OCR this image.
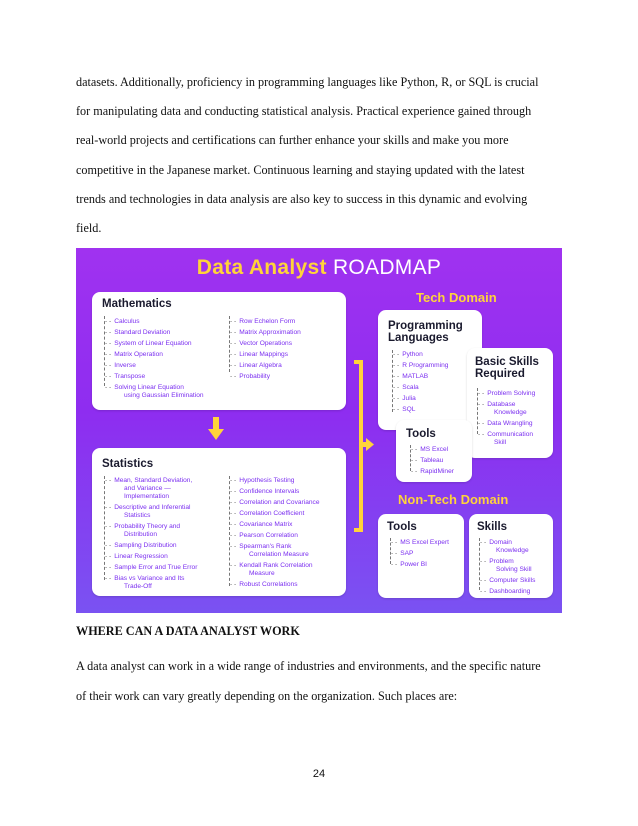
datasets. Additionally, proficiency in programming languages like Python, R, or SQL is crucial
for manipulating data and conducting statistical analysis. Practical experience gained through
real-world projects and certifications can further enhance your skills and make you more
competitive in the Japanese market. Continuous learning and staying updated with the latest
trends and technologies in data analysis are also key to success in this dynamic and evolving
field.
Data Analyst ROADMAP
Mathematics
- - Calculus
- - Standard Deviation
- - System of Linear Equation
- - Matrix Operation
- - Inverse
- - Transpose
- - Solving Linear Equation
using Gaussian Elimination
- - Row Echelon Form
- - Matrix Approximation
- - Vector Operations
- - Linear Mappings
- - Linear Algebra
- - Probability
Statistics
- - Mean, Standard Deviation,
and Variance —
Implementation
- - Descriptive and Inferential
Statistics
- - Probability Theory and
Distribution
- - Sampling Distribution
- - Linear Regression
- - Sample Error and True Error
- - Bias vs Variance and Its
Trade-Off
- - Hypothesis Testing
- - Confidence Intervals
- - Correlation and Covariance
- - Correlation Coefficient
- - Covariance Matrix
- - Pearson Correlation
- - Spearman's Rank
Correlation Measure
- - Kendall Rank Correlation
Measure
- - Robust Correlations
Tech Domain
Programming
Languages
- - Python
- - R Programming
- - MATLAB
- - Scala
- - Julia
- - SQL
Basic Skills
Required
- - Problem Solving
- - Database
Knowledge
- - Data Wrangling
- - Communication
Skill
Tools
- - MS Excel
- - Tableau
- - RapidMiner
Non-Tech Domain
Tools
- - MS Excel Expert
- - SAP
- - Power BI
Skills
- - Domain
Knowledge
- - Problem
Solving Skill
- - Computer Skills
- - Dashboarding
WHERE CAN A DATA ANALYST WORK
A data analyst can work in a wide range of industries and environments, and the specific nature
of their work can vary greatly depending on the organization. Such places are:
24
